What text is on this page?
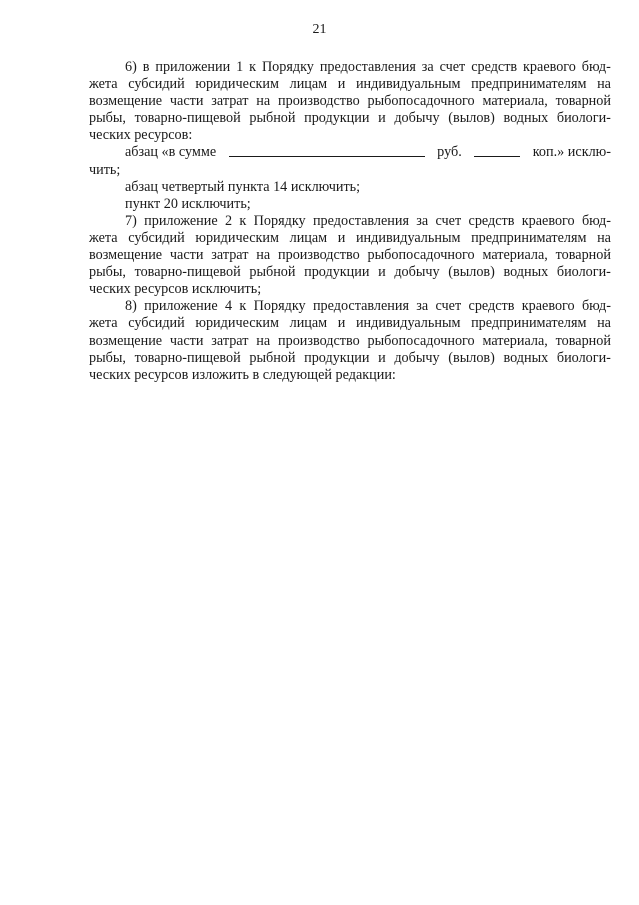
21
6) в приложении 1 к Порядку предоставления за счет средств краевого бюд-
жета субсидий юридическим лицам и индивидуальным предпринимателям на
возмещение части затрат на производство рыбопосадочного материала, товарной
рыбы, товарно-пищевой рыбной продукции и добычу (вылов) водных биологи-
ческих ресурсов:
абзац «в сумме	руб.	коп.» исклю-
чить;
абзац четвертый пункта 14 исключить;
пункт 20 исключить;
7) приложение 2 к Порядку предоставления за счет средств краевого бюд-
жета субсидий юридическим лицам и индивидуальным предпринимателям на
возмещение части затрат на производство рыбопосадочного материала, товарной
рыбы, товарно-пищевой рыбной продукции и добычу (вылов) водных биологи-
ческих ресурсов исключить;
8) приложение 4 к Порядку предоставления за счет средств краевого бюд-
жета субсидий юридическим лицам и индивидуальным предпринимателям на
возмещение части затрат на производство рыбопосадочного материала, товарной
рыбы, товарно-пищевой рыбной продукции и добычу (вылов) водных биологи-
ческих ресурсов изложить в следующей редакции:
